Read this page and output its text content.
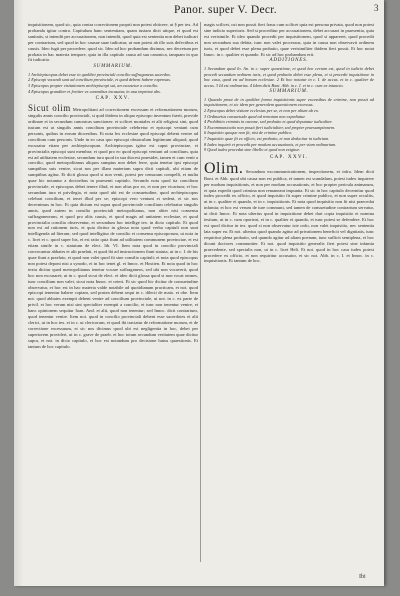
Panor. super V. Decr.	3

inquisitionem, quod sic, quia contra correctionem proprii non potest obiicere, ut § per tex. Ad probanda igitur contra. Capitulum hanc sententiam, quam iustam dicit utique, et quod est sanitatis, si intendit per accusationem, non intendit, quod quia est sententia non debet iudicari per contrarium, sed quod in hoc causae suae iudicatur, ut non potest ab illo suis defectibus et causis. Ideo fugit per procedere, quod sic. Ideo ad hoc probandum diximus, nec decretum per probata in hac materia tempore, quia in illa capitulo causa ad sua canonica, tanquam in quo fit iudicatio.

SUMMARIUM.
1 Archiepiscopus debet esse in quolibet provinciali concilio suffraganeus sacerdos.
2 Episcopi vocandi sunt ad concilium provinciale, et quod debent habere expensas.
3 Episcopus propter visitationem archiepiscopi sui, an excusetur a concilio.
4 Episcopus granditer et fortiter ex canonibus incusatur, in una impetrat abs.
CAP. XXV.

Sicut olim Metropolitani ad correctionem excessum et reformationem morum, singulis annis concilio provinciali, si quid ibidem in aliquo episcopo inventum fuerit, provide ordinare et in secundum canonicas sanctiones: et scilicet moniales et alii religiosi sint, quod iustum est ut singulis annis concilium provinciale celebretur et episcopi veniant cum personis, quibus in eorum diocesibus. Et nota lex ecclesiae quod episcopi debent venire ad concilium cum personis. Unde in eo casu quo episcopi obstaculum legitimum aliquod, quod excusatur etiam per archiepiscopum. Archiepiscopus igitur est caput provinciae, et provincialis episcopi sunt membra; et quod pro eo quod episcopi veniunt ad concilium, quia est ad utilitatem ecclesiae, secundum iura quod in sua diocesi praesidet, tamen et cum venit a concilio, quod metropolitanus aliquos sumptus non debet ferre, quia tenetur ipsi episcopi sumptibus suis venire, sicut nos per illam materiam supra dicti capituli, ubi etiam de sumptibus agitur. Et dicit glossa quod si non venit, potest per censuram compelli, et multa quae hic notantur a doctoribus in praesenti capitulo. Secundo nota quod ita concilium provinciale, et episcopus debet tenere illud, et non alius pro eo, et non per vicarium; et hoc secundum iura et privilegia, et nota quod ubi est de consuetudine, quod archiepiscopus celebrat concilium, et tenet illud per se; episcopi vero veniunt et sedent, et sic nos decernimus in hoc. Et quia dictum est supra quod provinciale concilium celebratur singulis annis, quod autem in consilio provinciali metropolitanus, non aliter nisi consensu suffraganeorum, et quod pro aliis causis, et quod magis ad unitatem ecclesiae, et quod provincialia concilia observentur, et secundum hoc intellige tex. in dicto capitulo. Et quod non est ad rationem iuris, et quia dicitur in glossa nota quod verba capituli non sunt intelligenda ad literam; sed quod intelligitur de consilio et consensu episcoporum, ut nota in c. licet et c. quod super his, et est ratio quia fiunt ad utilitatem communem provinciae, et est etiam simile in c. statutum de elect. lib. VI. Item nota quod in concilio provinciali convocantur abbates et alii praelati, et quod ibi ad instructionem fiunt statuta, ut in c. I. de his quae fiunt a praelato, et quod non valet quod fit sine consilio capituli; et nota quod episcopus non potest deponi nisi a synodo, et in hoc tenet gl. et Innoc. et Hostien. Et nota quod in hoc textu dicitur quod metropolitanus tenetur vocare suffraganeos, sed ubi non vocaverit, quod hoc non excusaret; ut in c. quod sicut de elect. et ideo dicit glossa quod si non vocat omnes, tunc concilium non valet, sicut nota Innoc. et ceteri. Et sic quod hic dicitur de consuetudine observatur, et hoc est in hac materia valde notabile ad quotidianam practicam, et not. quod episcopi tenentur habere copiam, sed postea debent sequi in c. dilecti de maio. et obe. Item not. quod abbates exempti debent venire ad concilium provinciale, ut not. in c. ex parte de privil. et hoc verum nisi sint specialiter exempti a concilio, et tunc non tenentur venire, et hanc opinionem sequitur Ioan. And. et alii, quod non tenentur; sed Innoc. dicit contrarium, quod tenentur venire. Item not. quod in concilio provinciali debent esse sacerdotes et alii clerici, ut in hoc tex. et in c. ut clericorum, et quod ibi tractatur de reformatione morum, et de correctione excessuum, et sic nos dicimus quod ubi est negligentia in hoc, debet per superiorem provideri, ut in c. grave de praeb. et hoc totum secundum veritatem quae dicitur supra, et not. in dicto capitulo, et hoc est notandum pro decisione huius quaestionis. Et tantum de hoc capitulo.

magis scilicet, cui non possit fieri fraus cum scilicet quia est persona privata, quod non potest sine iudicio superioris. Sed si proceditur per accusationem, debet accusari in praesentia, quia est verisimile. Et ideo quando procedit per inquisitionem, quod si appareret, quod procedit non secundum sua debita, tunc non valet processus, quia in causa non observavit ordinem iuris, et quod debet esse plena probatio, quae verisimiliter ibidem fieri possit. Et hoc notat Innoc. in c. qualiter et quando. Et sic ad hoc probandum erit.

ADDITIONES.

1 Secundum quod Io. An. in c. super quaestione, et quod hoc certum est, quod in iudicio debet procedi secundum ordinem iuris, et quod probatio debet esse plena, et si procedit inquisitione in hoc casu, quod est ad bonum ecclesiae. 2 Et hoc notatur in c. I. de accus. et in c. qualiter de accus. 3 Id est ordinarius. 4 Idem dicit Boni. Abb. in c. I. et in c. cum ex iniuncto.

SUMMARIUM.
1 Quando prout de in quolibet forma inquisitionis super excessibus de crimine, non possit ad inquisitionem, et sic idem per generalem quaestionem excessus.
2 Episcopus debet visitare ecclesias per se, et non per alium ab eo.
3 Ordinarius consuetudo quod ad remotum non expediatur.
4 Prohibitio criminis in canone, sed probatio et quod deputatur iudicaliter.
5 Excommunicatio non possit fieri iudicialiter, sed propter praesumptionem.
6 Inquisitio quoque non fit, nisi de crimine publico.
7 Inquisitio quae fit ex officio, est probatio, et non deducitur in iudicium.
8 Iudex inquirit et procedit per modum accusationis, et per viam ordinariam.
9 Quod iudex procedat sine libello et quod non exigitur.
CAP. XXVI.

Olim. Secundum excommunicationem, inspectionem, et infra. Idem dicit Boni. et Abb. quod ubi causa non est publica, et tamen est scandalum, potest iudex inquirere per modum inquisitionis, et non per modum accusationis, et hoc propter pericula animarum, et quia expedit quod crimina non remaneant impunita. Et sic in hoc capitulo decernitur quod iudex procedit ex officio, et quod inquisitio fit super crimine publico, et non super occultis, ut in c. qualiter et quando, et in c. inquisitionis. Et nota quod inquisitio non fit nisi praecedat infamia; et hoc est verum de iure communi, sed tamen de consuetudine contrarium servatur, ut dicit Innoc. Et nota ulterius quod in inquisitione debet dari copia inquisitio et nomina testium, ut in c. cum oporteat, et in c. qualiter et quando, et tunc potest se defendere. Et hoc est quod dicitur in tex. quod si non observatur iste ordo, non valet inquisitio, nec sententia lata super ea. Et not. ulterius quod quando agitur ad privationem beneficii vel dignitatis, tunc requiritur plena probatio, sed quando agitur ad aliam poenam, tunc sufficit semiplena, et hoc dicunt doctores communiter. Et not. quod inquisitio generalis fieri potest sine infamia praecedente, sed specialis non, ut in c. licet Heli. Et not. quod in hoc casu iudex potest procedere ex officio, et non requiritur accusator, et sic not. Abb. in c. I. et Innoc. in c. inquisitionis. Et tantum de hoc.

Ibi
